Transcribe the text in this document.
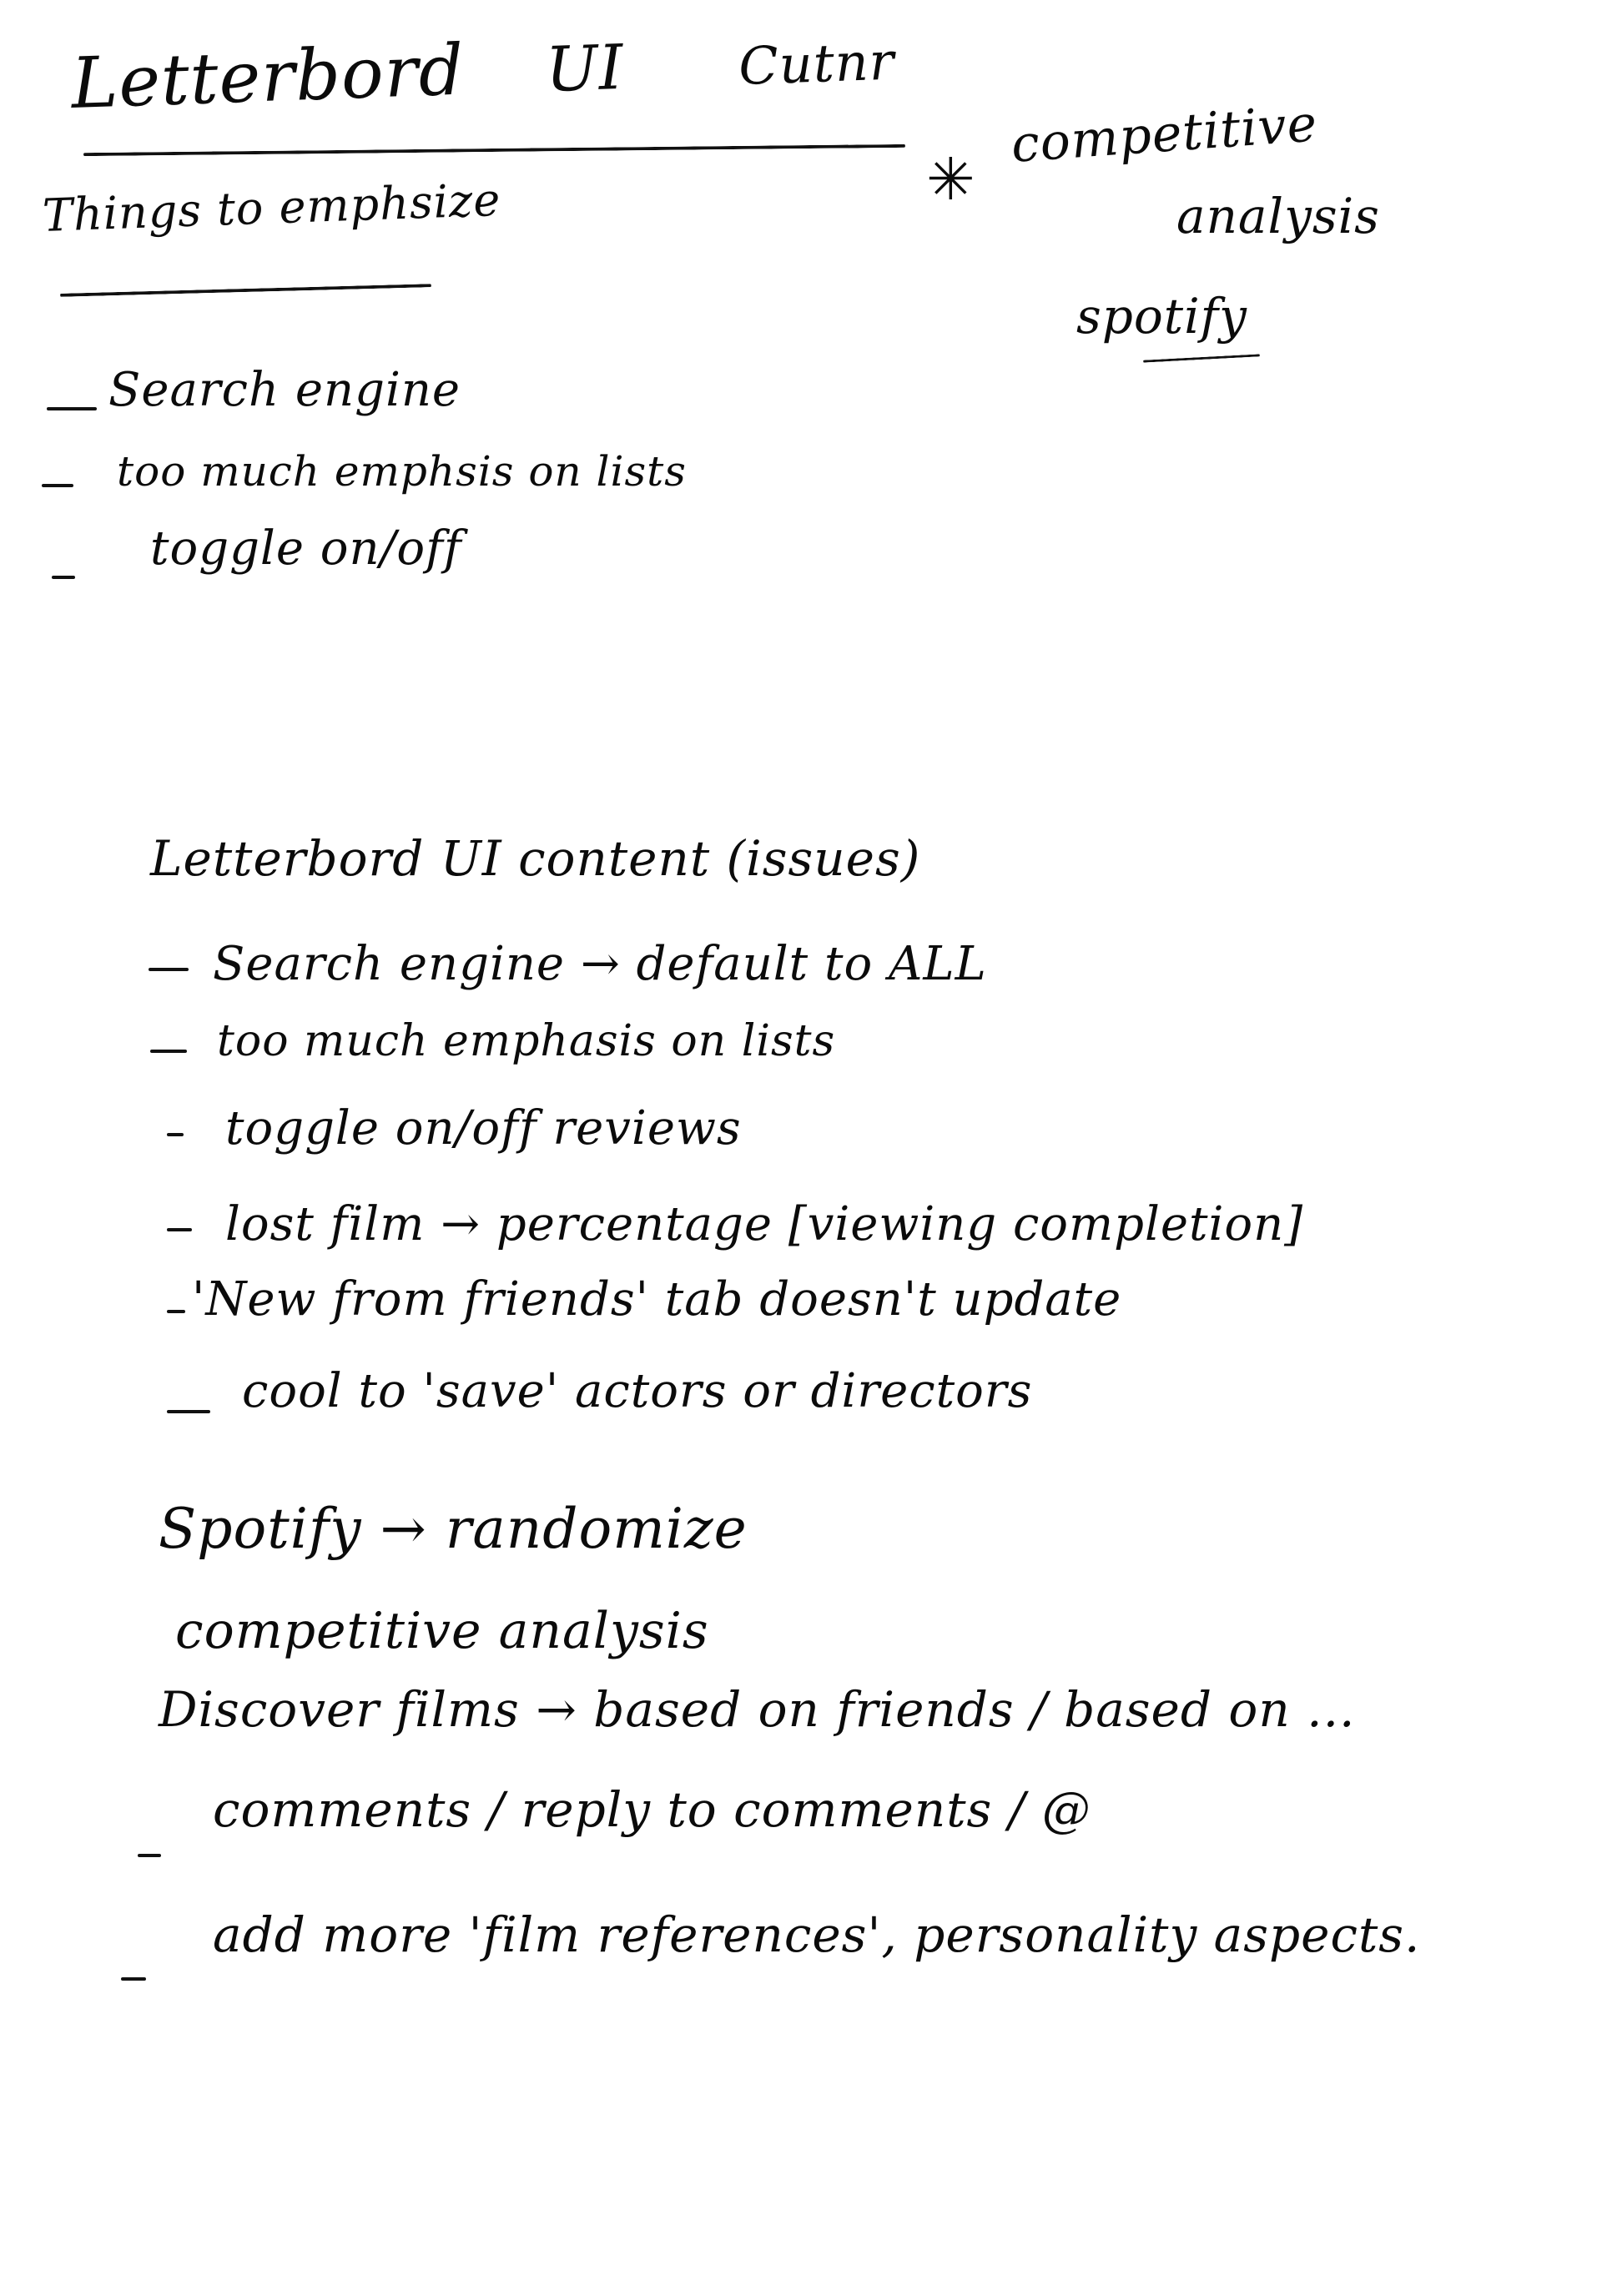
Letterbord UI Cutnr
Things to emphsize	✳
competitive
analysis
spotify
Search engine
too much emphsis on lists
toggle on/off
Letterbord UI content (issues)
Search engine → default to ALL
too much emphasis on lists
toggle on/off reviews
lost film → percentage [viewing completion]
'New from friends' tab doesn't update
cool to 'save' actors or directors
Spotify → randomize
competitive analysis
Discover films → based on friends / based on ...
comments / reply to comments / @
add more 'film references', personality aspects.
